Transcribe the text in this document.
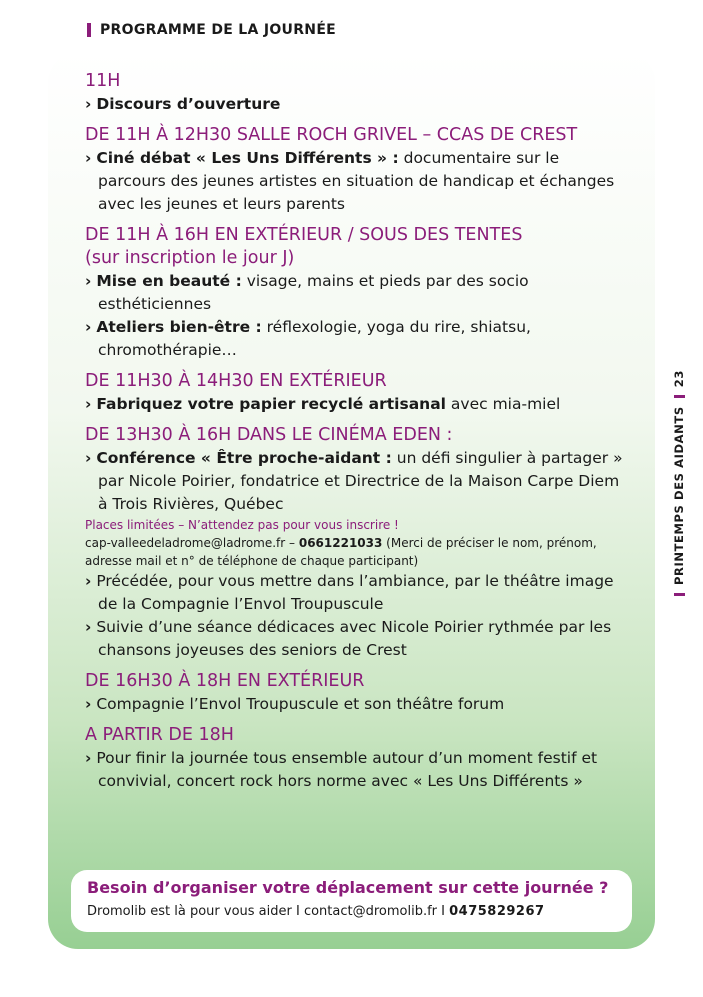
PROGRAMME DE LA JOURNÉE
PRINTEMPS DES AIDANTS
23
11H
› Discours d’ouverture
DE 11H À 12H30 SALLE ROCH GRIVEL – CCAS DE CREST
› Ciné débat « Les Uns Différents » : documentaire sur le parcours des jeunes artistes en situation de handicap et échanges avec les jeunes et leurs parents
DE 11H À 16H EN EXTÉRIEUR / SOUS DES TENTES
(sur inscription le jour J)
› Mise en beauté : visage, mains et pieds par des socio esthéticiennes
› Ateliers bien-être : réflexologie, yoga du rire, shiatsu, chromothérapie…
DE 11H30 À 14H30 EN EXTÉRIEUR
› Fabriquez votre papier recyclé artisanal avec mia-miel
DE 13H30 À 16H DANS LE CINÉMA EDEN :
› Conférence « Être proche-aidant : un défi singulier à partager » par Nicole Poirier, fondatrice et Directrice de la Maison Carpe Diem à Trois Rivières, Québec
Places limitées – N’attendez pas pour vous inscrire !
cap-valleedeladrome@ladrome.fr – 0661221033 (Merci de préciser le nom, prénom, adresse mail et n° de téléphone de chaque participant)
› Précédée, pour vous mettre dans l’ambiance, par le théâtre image de la Compagnie l’Envol Troupuscule
› Suivie d’une séance dédicaces avec Nicole Poirier rythmée par les chansons joyeuses des seniors de Crest
DE 16H30 À 18H EN EXTÉRIEUR
› Compagnie l’Envol Troupuscule et son théâtre forum
A PARTIR DE 18H
› Pour finir la journée tous ensemble autour d’un moment festif et convivial, concert rock hors norme avec « Les Uns Différents »
Besoin d’organiser votre déplacement sur cette journée ?
Dromolib est là pour vous aider I contact@dromolib.fr I 0475829267
